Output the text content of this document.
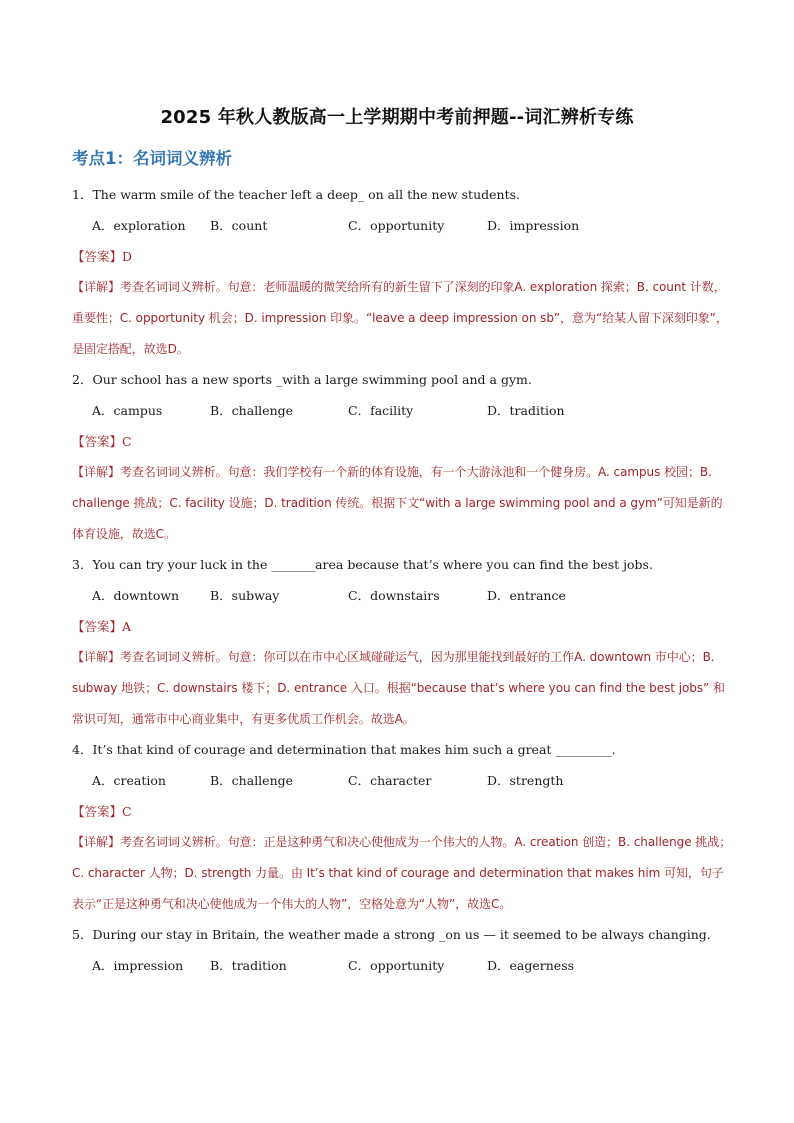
2025 年秋人教版高一上学期期中考前押题--词汇辨析专练
考点1：名词词义辨析
1．The warm smile of the teacher left a deep_ on all the new students.
A．exploration	B．count	C．opportunity	D．impression
【答案】D
【详解】考查名词词义辨析。句意：老师温暖的微笑给所有的新生留下了深刻的印象A. exploration 探索；B. count 计数，重要性；C. opportunity 机会；D. impression 印象。“leave a deep impression on sb”，意为“给某人留下深刻印象”，是固定搭配，故选D。
2．Our school has a new sports _with a large swimming pool and a gym.
A．campus	B．challenge	C．facility	D．tradition
【答案】C
【详解】考查名词词义辨析。句意：我们学校有一个新的体育设施，有一个大游泳池和一个健身房。A. campus 校园；B. challenge 挑战；C. facility 设施；D. tradition 传统。根据下文“with a large swimming pool and a gym”可知是新的体育设施，故选C。
3．You can try your luck in the _______area because that’s where you can find the best jobs.
A．downtown	B．subway	C．downstairs	D．entrance
【答案】A
【详解】考查名词词义辨析。句意：你可以在市中心区域碰碰运气，因为那里能找到最好的工作A. downtown 市中心；B. subway 地铁；C. downstairs 楼下；D. entrance 入口。根据“because that’s where you can find the best jobs” 和常识可知，通常市中心商业集中，有更多优质工作机会。故选A。
4．It’s that kind of courage and determination that makes him such a great _________.
A．creation	B．challenge	C．character	D．strength
【答案】C
【详解】考查名词词义辨析。句意：正是这种勇气和决心使他成为一个伟大的人物。A. creation 创造；B. challenge 挑战；C. character 人物；D. strength 力量。由 It’s that kind of courage and determination that makes him 可知，句子表示“正是这种勇气和决心使他成为一个伟大的人物”，空格处意为“人物”，故选C。
5．During our stay in Britain, the weather made a strong _on us — it seemed to be always changing.
A．impression	B．tradition	C．opportunity	D．eagerness
